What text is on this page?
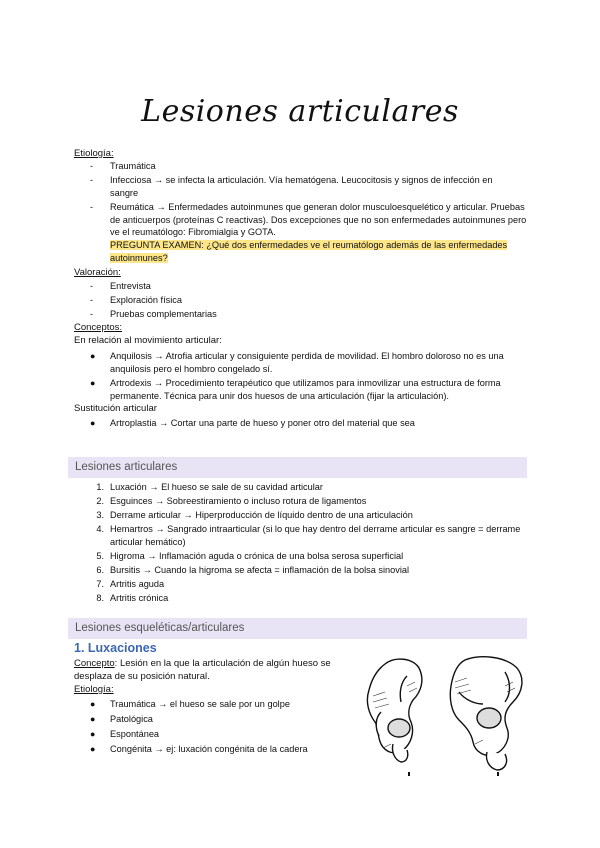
Lesiones articulares
Etiología:
-	Traumática
-	Infecciosa → se infecta la articulación. Vía hematógena. Leucocitosis y signos de infección en sangre
-	Reumática → Enfermedades autoinmunes que generan dolor musculoesquelético y articular. Pruebas de anticuerpos (proteínas C reactivas). Dos excepciones que no son enfermedades autoinmunes pero ve el reumatólogo: Fibromialgia y GOTA.
PREGUNTA EXAMEN: ¿Qué dos enfermedades ve el reumatólogo además de las enfermedades autoinmunes?
Valoración:
-	Entrevista
-	Exploración física
-	Pruebas complementarias
Conceptos:
En relación al movimiento articular:
●	Anquilosis → Atrofia articular y consiguiente perdida de movilidad. El hombro doloroso no es una anquilosis pero el hombro congelado sí.
●	Artrodexis → Procedimiento terapéutico que utilizamos para inmovilizar una estructura de forma permanente. Técnica para unir dos huesos de una articulación (fijar la articulación).
Sustitución articular
●	Artroplastia → Cortar una parte de hueso y poner otro del material que sea
Lesiones articulares
1. Luxación → El hueso se sale de su cavidad articular
2. Esguinces → Sobreestiramiento o incluso rotura de ligamentos
3. Derrame articular → Hiperproducción de líquido dentro de una articulación
4. Hemartros → Sangrado intraarticular (si lo que hay dentro del derrame articular es sangre = derrame articular hemático)
5. Higroma → Inflamación aguda o crónica de una bolsa serosa superficial
6. Bursitis → Cuando la higroma se afecta = inflamación de la bolsa sinovial
7. Artritis aguda
8. Artritis crónica
Lesiones esqueléticas/articulares
1. Luxaciones
Concepto: Lesión en la que la articulación de algún hueso se desplaza de su posición natural.
Etiología:
●	Traumática → el hueso se sale por un golpe
●	Patológica
●	Espontánea
●	Congénita → ej: luxación congénita de la cadera
